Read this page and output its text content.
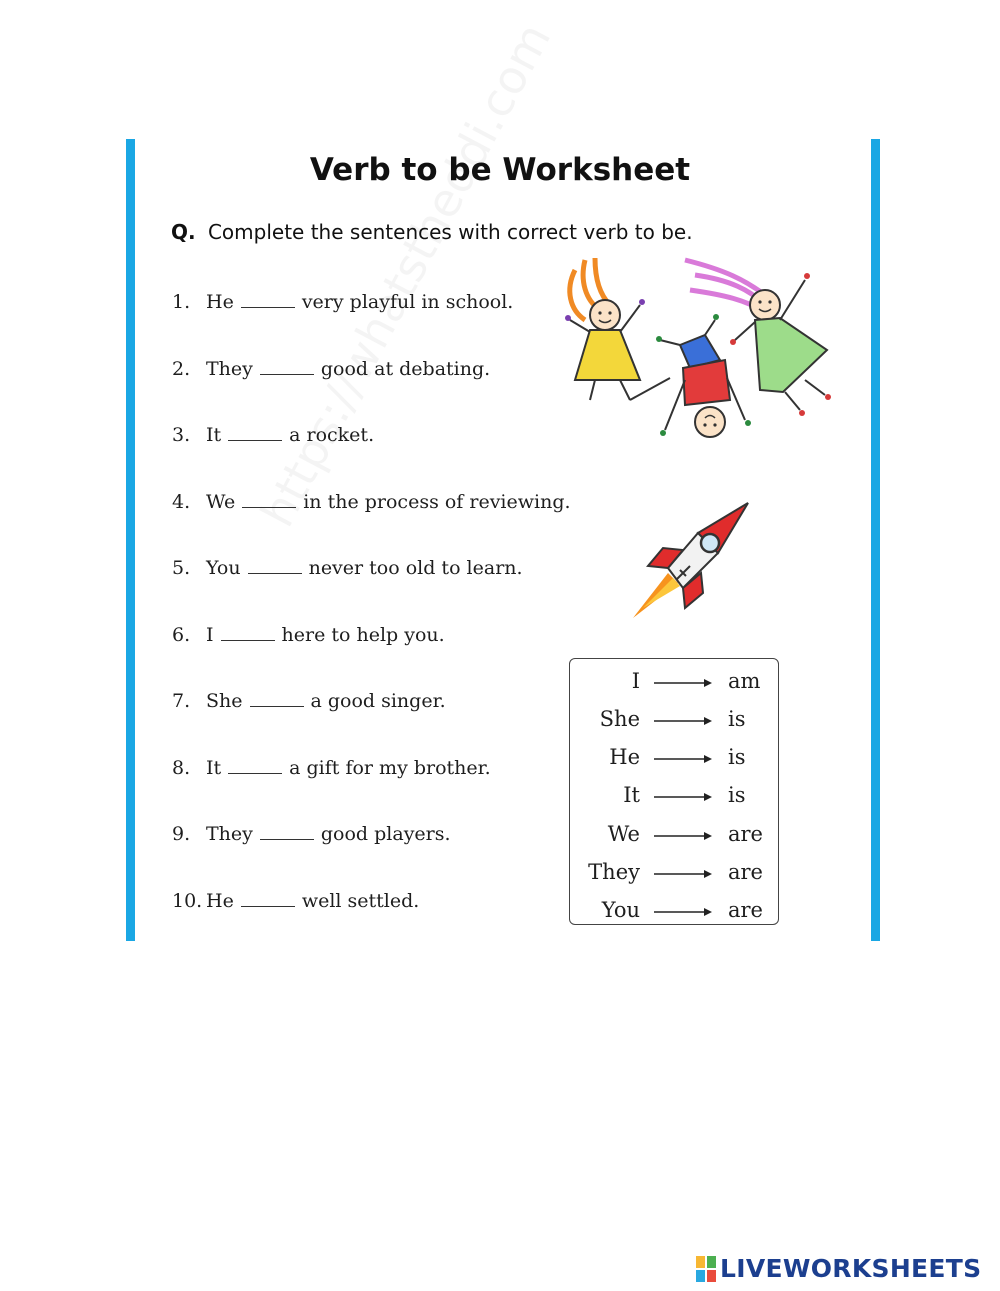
Verb to be Worksheet
Q. Complete the sentences with correct verb to be.
1. He	very playful in school.
2. They	good at debating.
3. It	a rocket.
4. We	in the process of reviewing.
5. You	never too old to learn.
6. I	here to help you.
7. She	a good singer.
8. It	a gift for my brother.
9. They	good players.
10. He	well settled.
I	am
She	is
He	is
It	is
We	are
They	are
You	are
LIVEWORKSHEETS
